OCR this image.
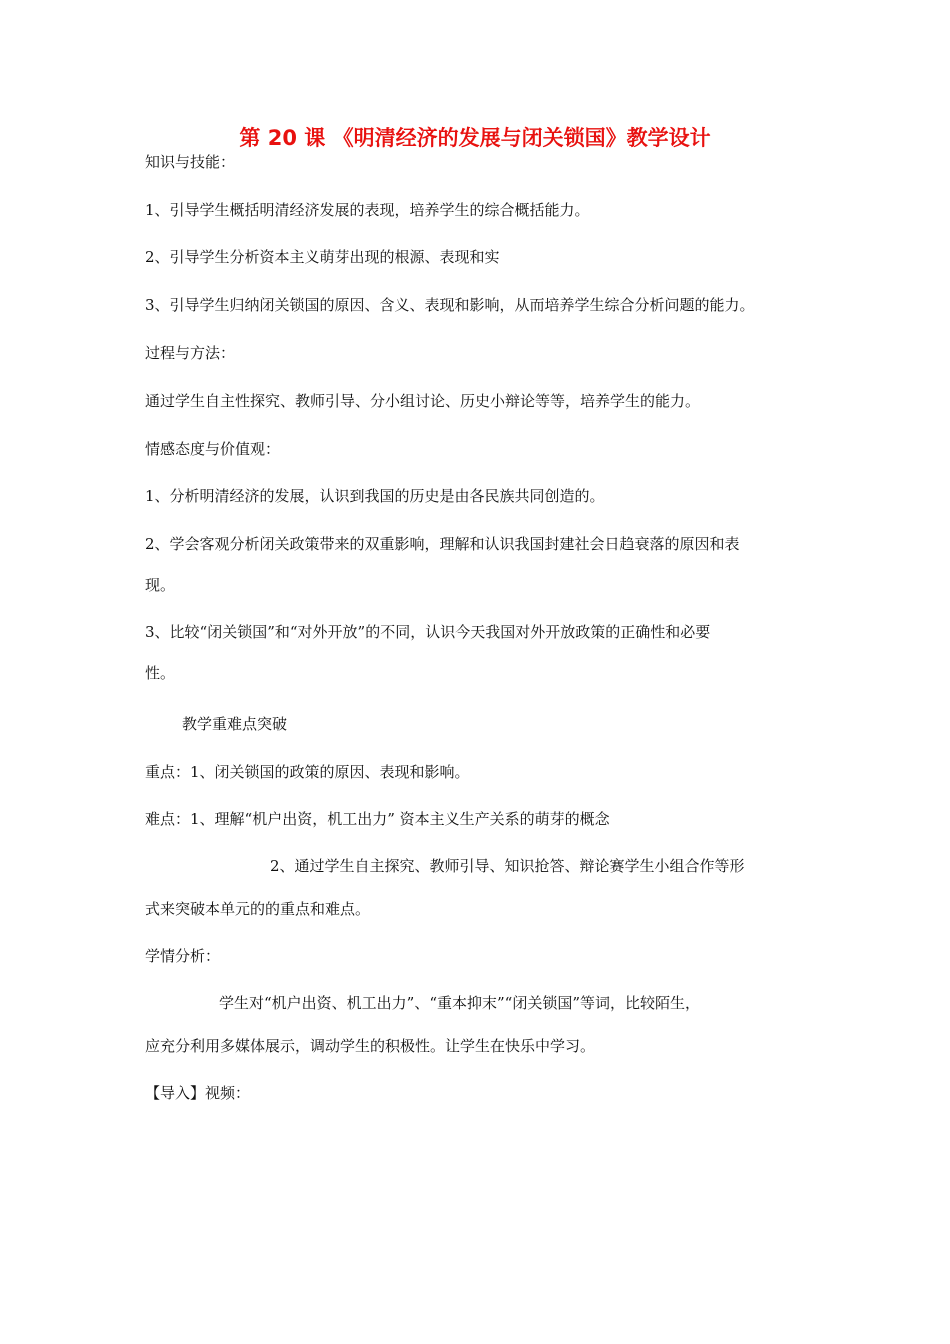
第 20 课 《明清经济的发展与闭关锁国》教学设计
知识与技能：
1、引导学生概括明清经济发展的表现，培养学生的综合概括能力。
2、引导学生分析资本主义萌芽出现的根源、表现和实
3、引导学生归纳闭关锁国的原因、含义、表现和影响，从而培养学生综合分析问题的能力。
过程与方法：
通过学生自主性探究、教师引导、分小组讨论、历史小辩论等等，培养学生的能力。
情感态度与价值观：
1、分析明清经济的发展，认识到我国的历史是由各民族共同创造的。
2、学会客观分析闭关政策带来的双重影响，理解和认识我国封建社会日趋衰落的原因和表
现。
3、比较“闭关锁国”和“对外开放”的不同，认识今天我国对外开放政策的正确性和必要
性。
教学重难点突破
重点：1、闭关锁国的政策的原因、表现和影响。
难点：1、理解“机户出资，机工出力” 资本主义生产关系的萌芽的概念
2、通过学生自主探究、教师引导、知识抢答、辩论赛学生小组合作等形
式来突破本单元的的重点和难点。
学情分析：
学生对“机户出资、机工出力”、“重本抑末”“闭关锁国”等词，比较陌生，
应充分利用多媒体展示，调动学生的积极性。让学生在快乐中学习。
【导入】视频：
